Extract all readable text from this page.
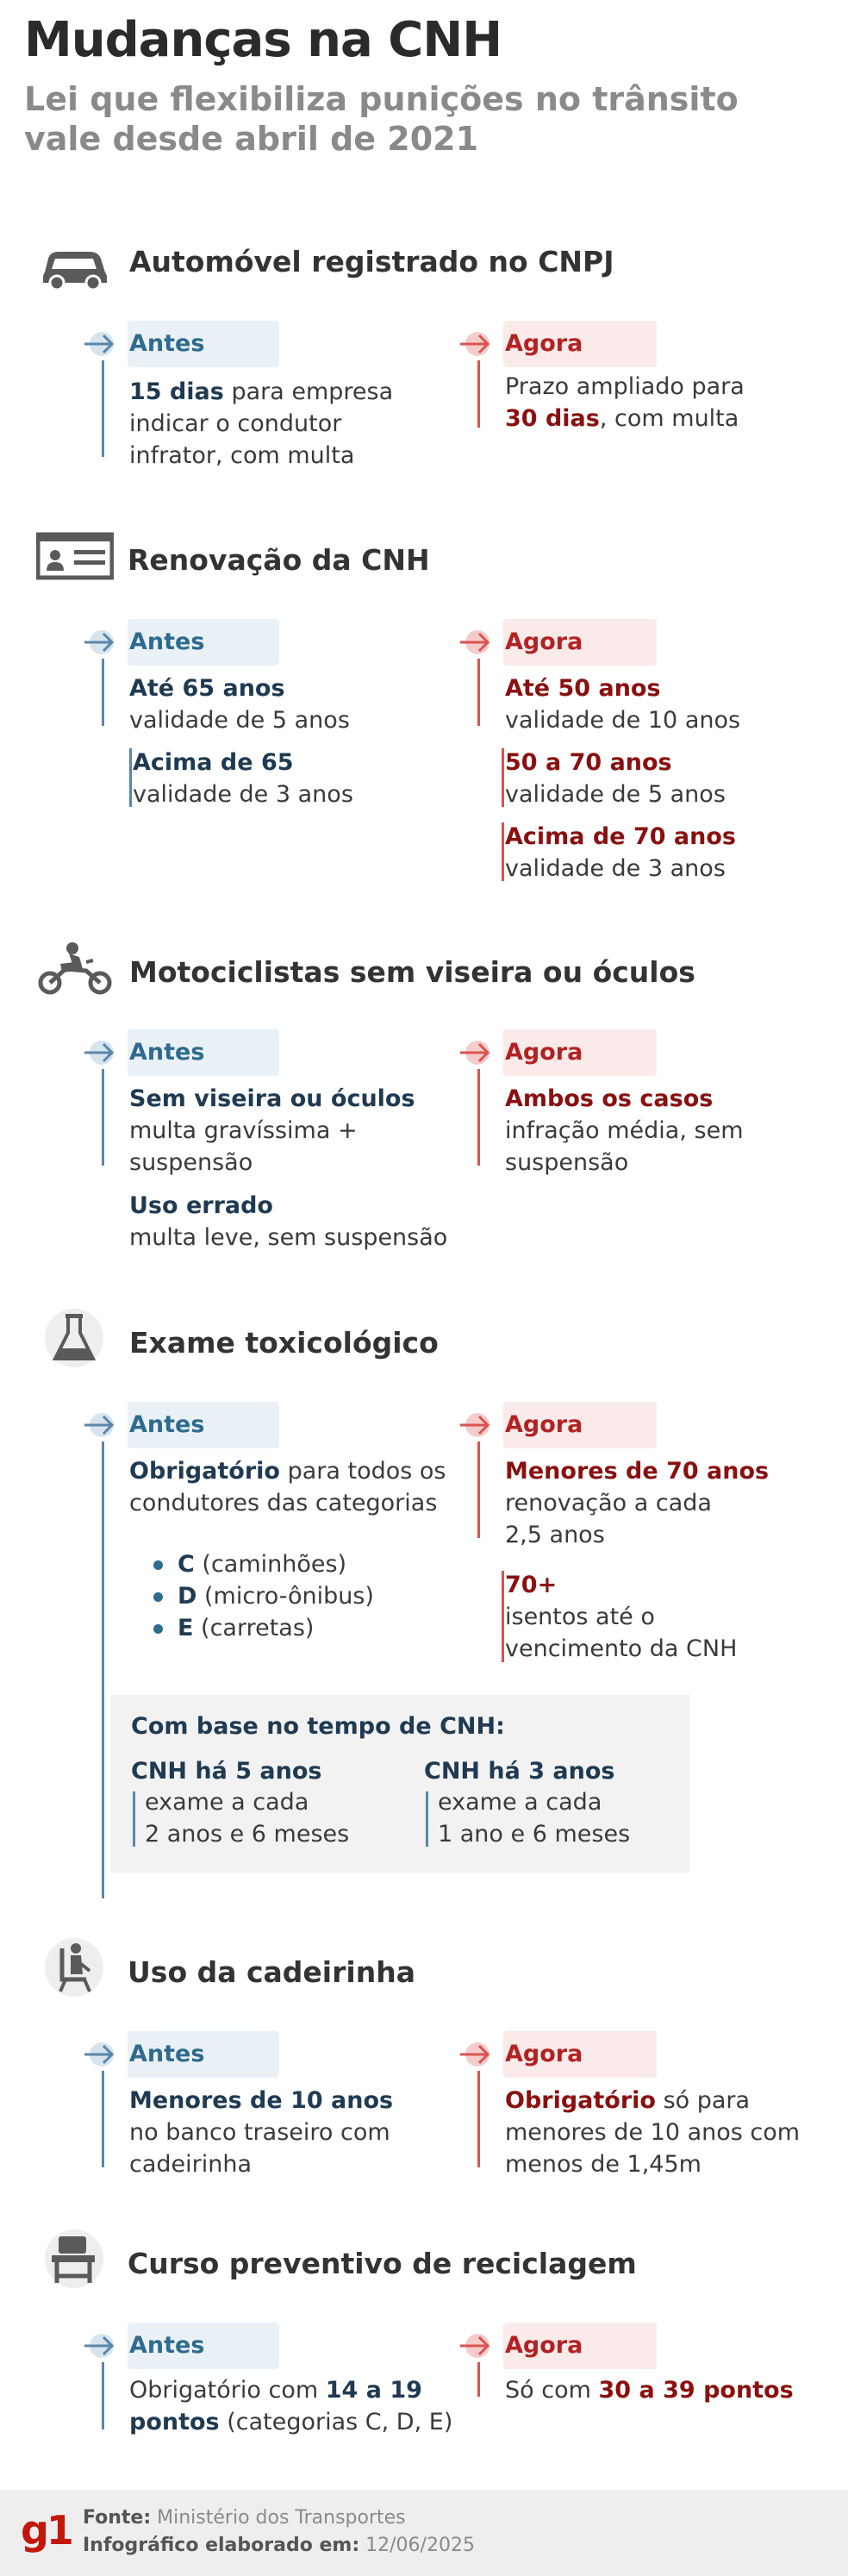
Mudanças na CNH
Lei que flexibiliza punições no trânsito
vale desde abril de 2021
Automóvel registrado no CNPJ
Antes
15 dias para empresa
indicar o condutor
infrator, com multa
Agora
Prazo ampliado para
30 dias, com multa
Renovação da CNH
Antes
Até 65 anos
validade de 5 anos
Acima de 65
validade de 3 anos
Agora
Até 50 anos
validade de 10 anos
50 a 70 anos
validade de 5 anos
Acima de 70 anos
validade de 3 anos
Motociclistas sem viseira ou óculos
Antes
Sem viseira ou óculos
multa gravíssima +
suspensão
Uso errado
multa leve, sem suspensão
Agora
Ambos os casos
infração média, sem
suspensão
Exame toxicológico
Antes
Obrigatório para todos os
condutores das categorias
C (caminhões)
D (micro-ônibus)
E (carretas)
Agora
Menores de 70 anos
renovação a cada
2,5 anos
70+
isentos até o
vencimento da CNH
Com base no tempo de CNH:
CNH há 5 anos
exame a cada
2 anos e 6 meses
CNH há 3 anos
exame a cada
1 ano e 6 meses
Uso da cadeirinha
Antes
Menores de 10 anos
no banco traseiro com
cadeirinha
Agora
Obrigatório só para
menores de 10 anos com
menos de 1,45m
Curso preventivo de reciclagem
Antes
Obrigatório com 14 a 19
pontos (categorias C, D, E)
Agora
Só com 30 a 39 pontos
g1 Fonte: Ministério dos Transportes
Infográfico elaborado em: 12/06/2025
